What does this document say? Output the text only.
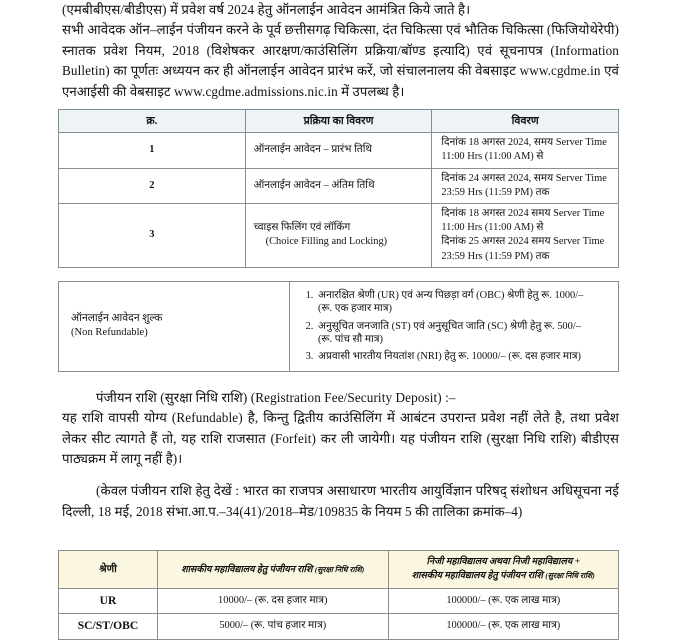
(एमबीबीएस/बीडीएस) में प्रवेश वर्ष 2024 हेतु ऑनलाईन आवेदन आमंत्रित किये जाते है।
सभी आवेदक ऑन–लाईन पंजीयन करने के पूर्व छत्तीसगढ़ चिकित्सा, दंत चिकित्सा एवं भौतिक चिकित्सा (फिजियोथेरेपी) स्नातक प्रवेश नियम, 2018 (विशेषकर आरक्षण/काउंसिलिंग प्रक्रिया/बॉण्ड इत्यादि) एवं सूचनापत्र (Information Bulletin) का पूर्णतः अध्ययन कर ही ऑनलाईन आवेदन प्रारंभ करें, जो संचालनालय की वेबसाइट www.cgdme.in एवं एनआईसी की वेबसाइट www.cgdme.admissions.nic.in में उपलब्ध है।
क्र.	प्रक्रिया का विवरण	विवरण
1	ऑनलाईन आवेदन – प्रारंभ तिथि	दिनांक 18 अगस्त 2024, समय Server Time 11:00 Hrs (11:00 AM) से
2	ऑनलाईन आवेदन – अंतिम तिथि	दिनांक 24 अगस्त 2024, समय Server Time 23:59 Hrs (11:59 PM) तक
3	च्वाइस फिलिंग एवं लॉकिंग
(Choice Filling and Locking)	दिनांक 18 अगस्त 2024 समय Server Time 11:00 Hrs (11:00 AM) से
दिनांक 25 अगस्त 2024 समय Server Time 23:59 Hrs (11:59 PM) तक
ऑनलाईन आवेदन शुल्क
(Non Refundable)	
1. अनारक्षित श्रेणी (UR) एवं अन्य पिछड़ा वर्ग (OBC) श्रेणी हेतु रू. 1000/–
(रू. एक हजार मात्र)
2. अनुसूचित जनजाति (ST) एवं अनुसूचित जाति (SC) श्रेणी हेतु रू. 500/–
(रू. पांच सौ मात्र)
3. अप्रवासी भारतीय नियतांश (NRI) हेतु रू. 10000/– (रू. दस हजार मात्र)
पंजीयन राशि (सुरक्षा निधि राशि) (Registration Fee/Security Deposit) :–
यह राशि वापसी योग्य (Refundable) है, किन्तु द्वितीय काउंसिलिंग में आबंटन उपरान्त प्रवेश नहीं लेते है, तथा प्रवेश लेकर सीट त्यागते हैं तो, यह राशि राजसात (Forfeit) कर ली जायेगी। यह पंजीयन राशि (सुरक्षा निधि राशि) बीडीएस पाठ्यक्रम में लागू नहीं है)।
(केवल पंजीयन राशि हेतु देखें : भारत का राजपत्र असाधारण भारतीय आयुर्विज्ञान परिषद् संशोधन अधिसूचना नई दिल्ली, 18 मई, 2018 संभा.आ.प.–34(41)/2018–मेड/109835 के नियम 5 की तालिका क्रमांक–4)
श्रेणी	शासकीय महाविद्यालय हेतु पंजीयन राशि (सुरक्षा निधि राशि)	निजी महाविद्यालय अथवा निजी महाविद्यालय +
शासकीय महाविद्यालय हेतु पंजीयन राशि (सुरक्षा निधि राशि)
UR	10000/– (रू. दस हजार मात्र)	100000/– (रू. एक लाख मात्र)
SC/ST/OBC	5000/– (रू. पांच हजार मात्र)	100000/– (रू. एक लाख मात्र)
